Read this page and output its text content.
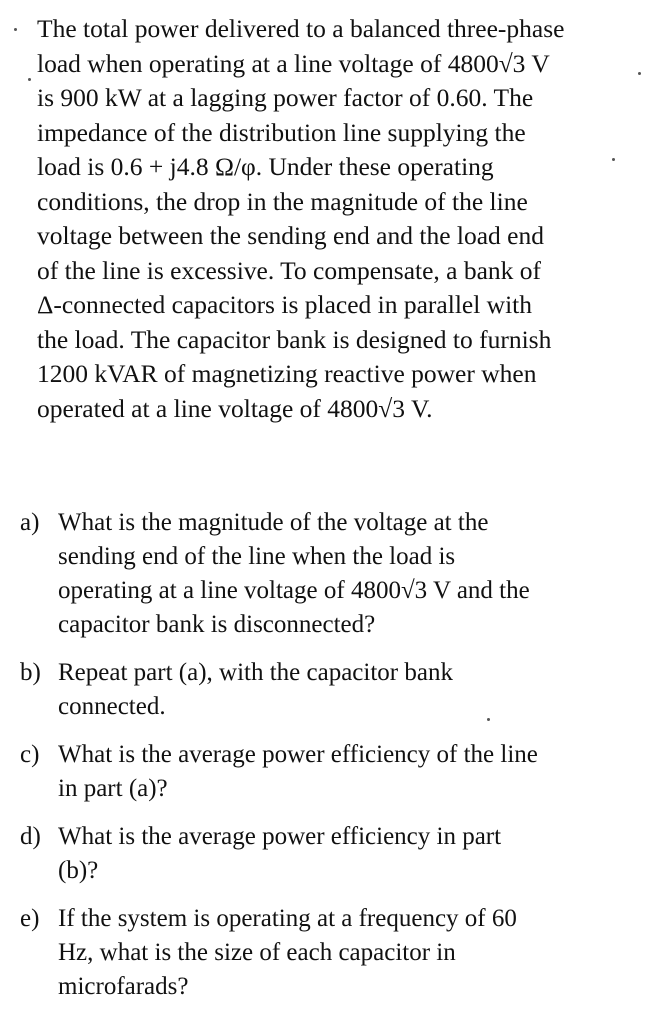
The total power delivered to a balanced three-phase
load when operating at a line voltage of 4800√3 V
is 900 kW at a lagging power factor of 0.60. The
impedance of the distribution line supplying the
load is 0.6 + j4.8 Ω/φ. Under these operating
conditions, the drop in the magnitude of the line
voltage between the sending end and the load end
of the line is excessive. To compensate, a bank of
Δ-connected capacitors is placed in parallel with
the load. The capacitor bank is designed to furnish
1200 kVAR of magnetizing reactive power when
operated at a line voltage of 4800√3 V.
a) What is the magnitude of the voltage at the
sending end of the line when the load is
operating at a line voltage of 4800√3 V and the
capacitor bank is disconnected?
b) Repeat part (a), with the capacitor bank
connected.
c) What is the average power efficiency of the line
in part (a)?
d) What is the average power efficiency in part
(b)?
e) If the system is operating at a frequency of 60
Hz, what is the size of each capacitor in
microfarads?
